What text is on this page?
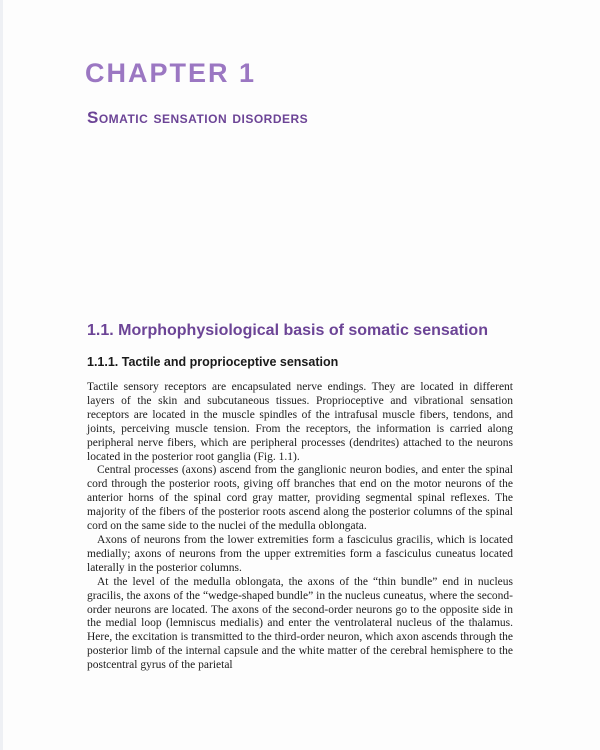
CHAPTER 1
Somatic sensation disorders
1.1. Morphophysiological basis of somatic sensation
1.1.1. Tactile and proprioceptive sensation

Tactile sensory receptors are encapsulated nerve endings. They are located in different layers of the skin and subcutaneous tissues. Proprioceptive and vibrational sensation receptors are located in the muscle spindles of the intrafusal muscle fibers, tendons, and joints, perceiving muscle tension. From the receptors, the information is carried along peripheral nerve fibers, which are peripheral processes (dendrites) attached to the neurons located in the posterior root ganglia (Fig. 1.1).

Central processes (axons) ascend from the ganglionic neuron bodies, and enter the spinal cord through the posterior roots, giving off branches that end on the motor neurons of the anterior horns of the spinal cord gray matter, providing segmental spinal reflexes. The majority of the fibers of the posterior roots ascend along the posterior columns of the spinal cord on the same side to the nuclei of the medulla oblongata.

Axons of neurons from the lower extremities form a fasciculus gracilis, which is located medially; axons of neurons from the upper extremities form a fasciculus cuneatus located laterally in the posterior columns.

At the level of the medulla oblongata, the axons of the “thin bundle” end in nucleus gracilis, the axons of the “wedge-shaped bundle” in the nucleus cuneatus, where the second-order neurons are located. The axons of the second-order neurons go to the opposite side in the medial loop (lemniscus medialis) and enter the ventrolateral nucleus of the thalamus. Here, the excitation is transmitted to the third-order neuron, which axon ascends through the posterior limb of the internal capsule and the white matter of the cerebral hemisphere to the postcentral gyrus of the parietal
